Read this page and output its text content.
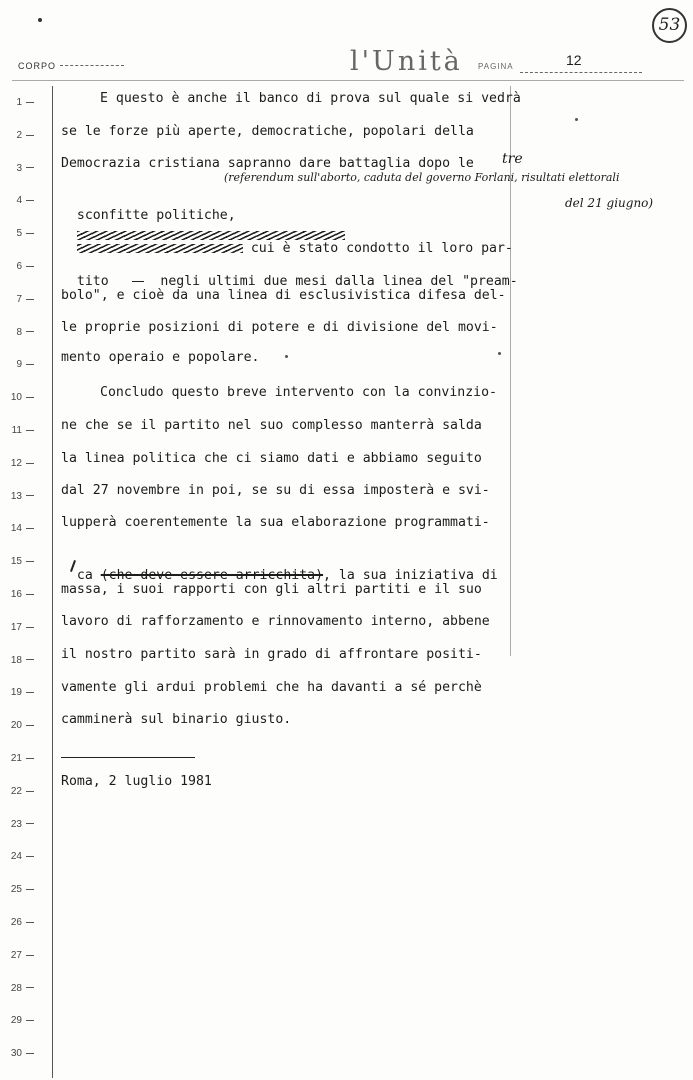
CORPO	l'Unità PAGINA	12
53
1
2
3
4
5
6
7
8
9
10
11
12
13
14
15
16
17
18
19
20
21
22
23
24
25
26
27
28
29
30
E questo è anche il banco di prova sul quale si vedrà
se le forze più aperte, democratiche, popolari della
Democrazia cristiana sapranno dare battaglia dopo le tre
(referendum sull'aborto, caduta del governo Forlani, risultati elettorali
del 21 giugno)

sconfitte politiche,

cui è stato condotto il loro par-

tito	negli ultimi due mesi dalla linea del "pream-

bolo", e cioè da una linea di esclusivistica difesa del-
le proprie posizioni di potere e di divisione del movi-
mento operaio e popolare.
Concludo questo breve intervento con la convinzio-
ne che se il partito nel suo complesso manterrà salda
la linea politica che ci siamo dati e abbiamo seguito
dal 27 novembre in poi, se su di essa imposterà e svi-
lupperà coerentemente la sua elaborazione programmati-

ca (che deve essere arricchita), la sua iniziativa di

massa, i suoi rapporti con gli altri partiti e il suo
lavoro di rafforzamento e rinnovamento interno, abbene
il nostro partito sarà in grado di affrontare positi-
vamente gli ardui problemi che ha davanti a sé perchè
camminerà sul binario giusto.
Roma, 2 luglio 1981
